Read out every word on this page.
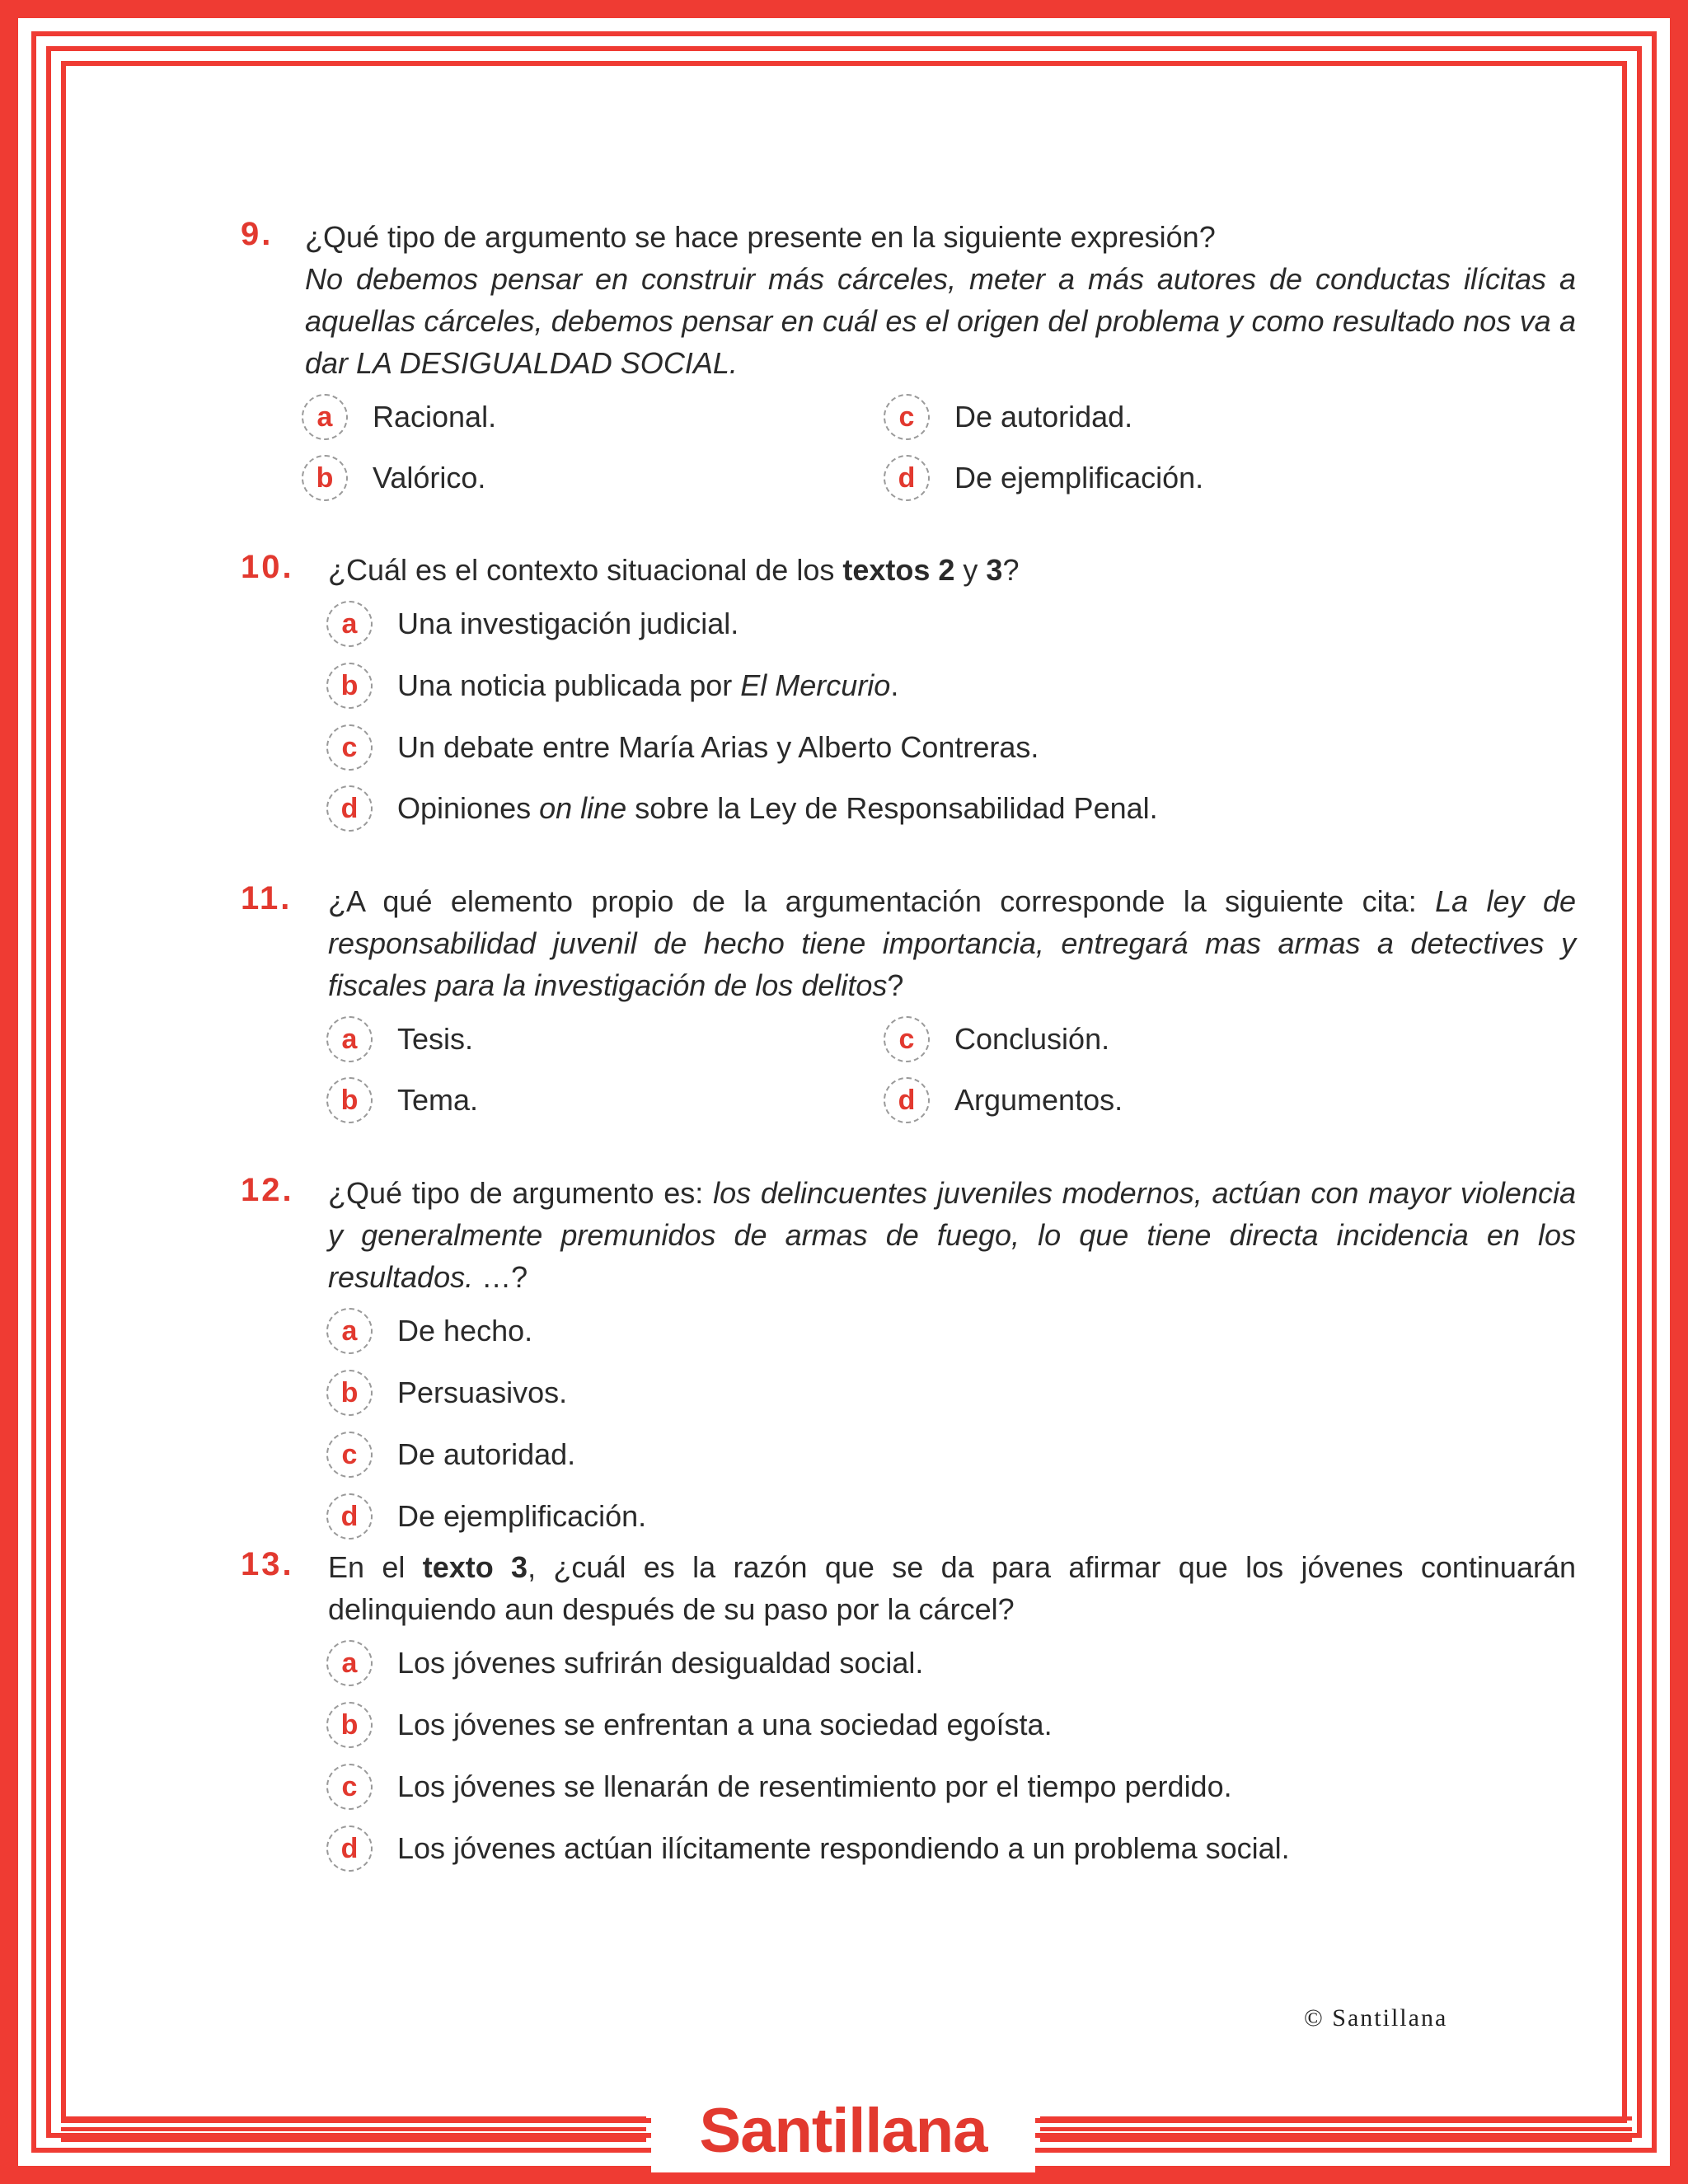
9. ¿Qué tipo de argumento se hace presente en la siguiente expresión?
No debemos pensar en construir más cárceles, meter a más autores de conductas ilícitas a aquellas cárceles, debemos pensar en cuál es el origen del problema y como resultado nos va a dar LA DESIGUALDAD SOCIAL.
a	Racional.
b	Valórico.
c	De autoridad.
d	De ejemplificación.
10. ¿Cuál es el contexto situacional de los textos 2 y 3?
a	Una investigación judicial.
b	Una noticia publicada por El Mercurio.
c	Un debate entre María Arias y Alberto Contreras.
d	Opiniones on line sobre la Ley de Responsabilidad Penal.
11. ¿A qué elemento propio de la argumentación corresponde la siguiente cita: La ley de responsabilidad juvenil de hecho tiene importancia, entregará mas armas a detectives y fiscales para la investigación de los delitos?
a	Tesis.
b	Tema.
c	Conclusión.
d	Argumentos.
12. ¿Qué tipo de argumento es: los delincuentes juveniles modernos, actúan con mayor violencia y generalmente premunidos de armas de fuego, lo que tiene directa incidencia en los resultados. …?
a	De hecho.
b	Persuasivos.
c	De autoridad.
d	De ejemplificación.
13. En el texto 3, ¿cuál es la razón que se da para afirmar que los jóvenes continuarán delinquiendo aun después de su paso por la cárcel?
a	Los jóvenes sufrirán desigualdad social.
b	Los jóvenes se enfrentan a una sociedad egoísta.
c	Los jóvenes se llenarán de resentimiento por el tiempo perdido.
d	Los jóvenes actúan ilícitamente respondiendo a un problema social.
© Santillana
Santillana
